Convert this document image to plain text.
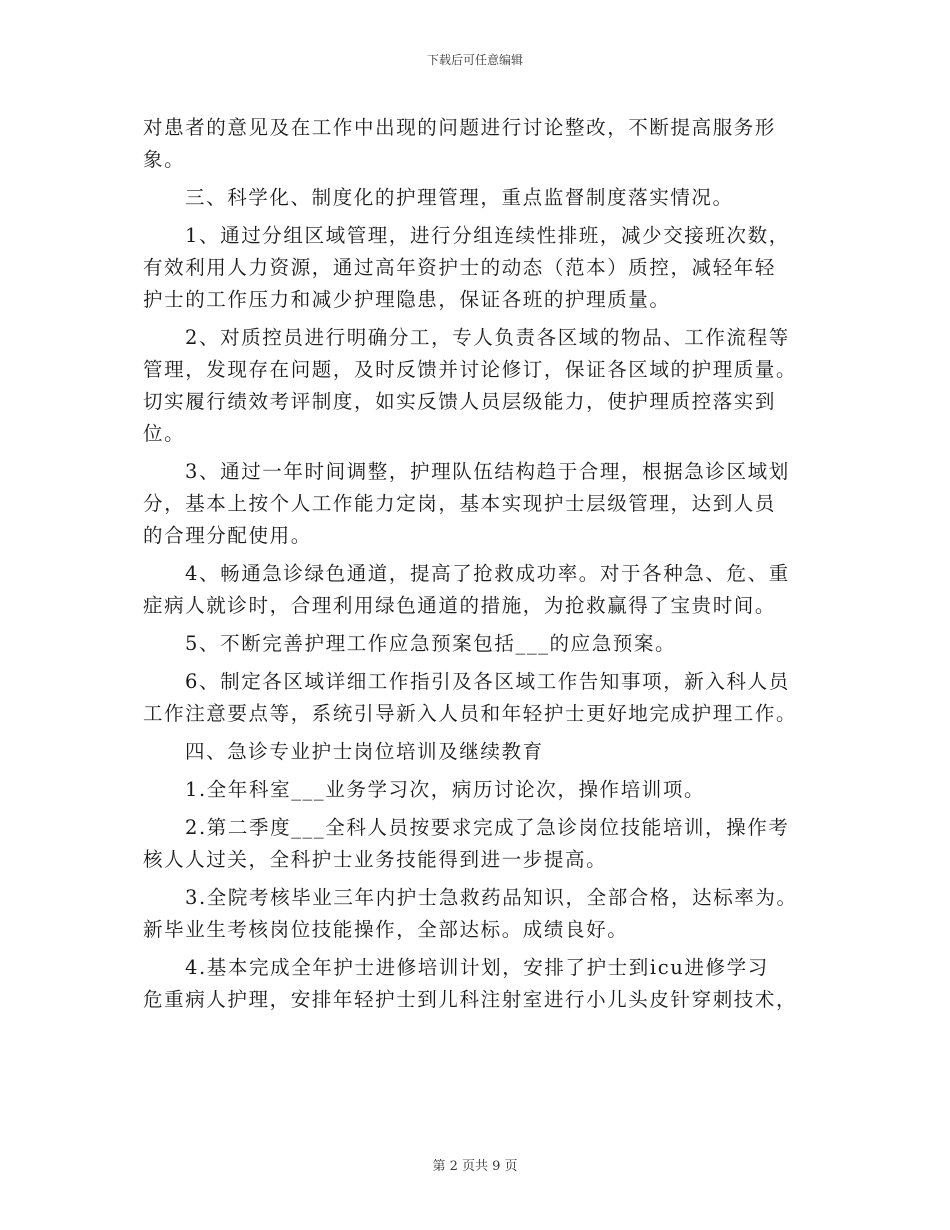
下载后可任意编辑
对患者的意见及在工作中出现的问题进行讨论整改，不断提高服务形
象。
三、科学化、制度化的护理管理，重点监督制度落实情况。
1、通过分组区域管理，进行分组连续性排班，减少交接班次数，
有效利用人力资源，通过高年资护士的动态（范本）质控，减轻年轻
护士的工作压力和减少护理隐患，保证各班的护理质量。
2、对质控员进行明确分工，专人负责各区域的物品、工作流程等
管理，发现存在问题，及时反馈并讨论修订，保证各区域的护理质量。
切实履行绩效考评制度，如实反馈人员层级能力，使护理质控落实到
位。
3、通过一年时间调整，护理队伍结构趋于合理，根据急诊区域划
分，基本上按个人工作能力定岗，基本实现护士层级管理，达到人员
的合理分配使用。
4、畅通急诊绿色通道，提高了抢救成功率。对于各种急、危、重
症病人就诊时，合理利用绿色通道的措施，为抢救赢得了宝贵时间。
5、不断完善护理工作应急预案包括___的应急预案。
6、制定各区域详细工作指引及各区域工作告知事项，新入科人员
工作注意要点等，系统引导新入人员和年轻护士更好地完成护理工作。
四、急诊专业护士岗位培训及继续教育
1.全年科室___业务学习次，病历讨论次，操作培训项。
2.第二季度___全科人员按要求完成了急诊岗位技能培训，操作考
核人人过关，全科护士业务技能得到进一步提高。
3.全院考核毕业三年内护士急救药品知识，全部合格，达标率为。
新毕业生考核岗位技能操作，全部达标。成绩良好。
4.基本完成全年护士进修培训计划，安排了护士到icu进修学习
危重病人护理，安排年轻护士到儿科注射室进行小儿头皮针穿刺技术，
第 2 页共 9 页
